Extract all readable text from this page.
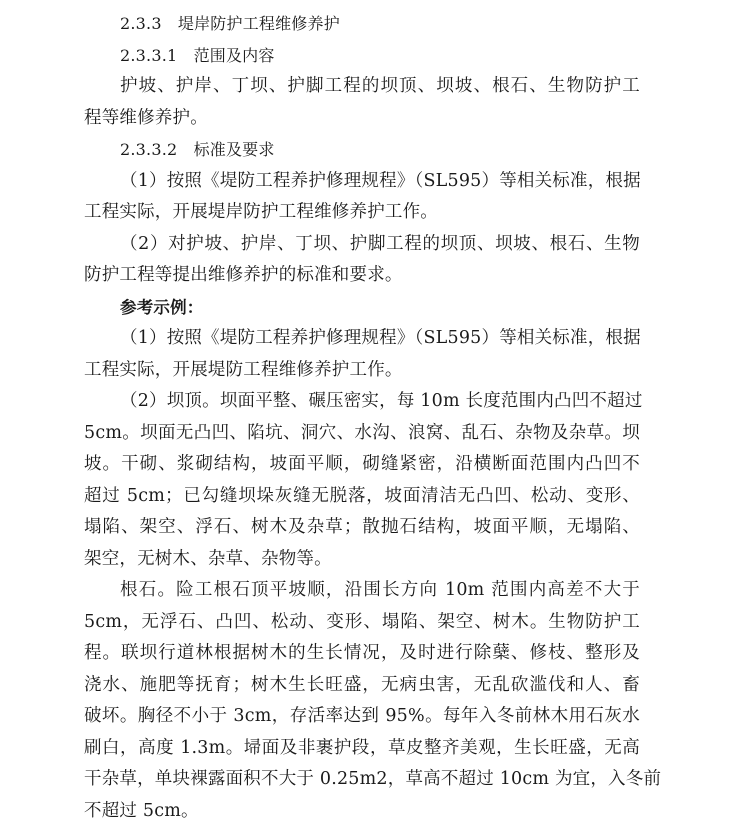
2.3.3　堤岸防护工程维修养护
2.3.3.1　范围及内容
护坡、护岸、丁坝、护脚工程的坝顶、坝坡、根石、生物防护工
程等维修养护。
2.3.3.2　标准及要求
（1）按照《堤防工程养护修理规程》（SL595）等相关标准，根据
工程实际，开展堤岸防护工程维修养护工作。
（2）对护坡、护岸、丁坝、护脚工程的坝顶、坝坡、根石、生物
防护工程等提出维修养护的标准和要求。
参考示例：
（1）按照《堤防工程养护修理规程》（SL595）等相关标准，根据
工程实际，开展堤防工程维修养护工作。
（2）坝顶。坝面平整、碾压密实，每 10m 长度范围内凸凹不超过
5cm。坝面无凸凹、陷坑、洞穴、水沟、浪窝、乱石、杂物及杂草。坝
坡。干砌、浆砌结构，坡面平顺，砌缝紧密，沿横断面范围内凸凹不
超过 5cm；已勾缝坝垛灰缝无脱落，坡面清洁无凸凹、松动、变形、
塌陷、架空、浮石、树木及杂草；散抛石结构，坡面平顺，无塌陷、
架空，无树木、杂草、杂物等。
根石。险工根石顶平坡顺，沿围长方向 10m 范围内高差不大于
5cm，无浮石、凸凹、松动、变形、塌陷、架空、树木。生物防护工
程。联坝行道林根据树木的生长情况，及时进行除蘖、修枝、整形及
浇水、施肥等抚育；树木生长旺盛，无病虫害，无乱砍滥伐和人、畜
破坏。胸径不小于 3cm，存活率达到 95%。每年入冬前林木用石灰水
刷白，高度 1.3m。埽面及非裹护段，草皮整齐美观，生长旺盛，无高
干杂草，单块裸露面积不大于 0.25m2，草高不超过 10cm 为宜，入冬前
不超过 5cm。
